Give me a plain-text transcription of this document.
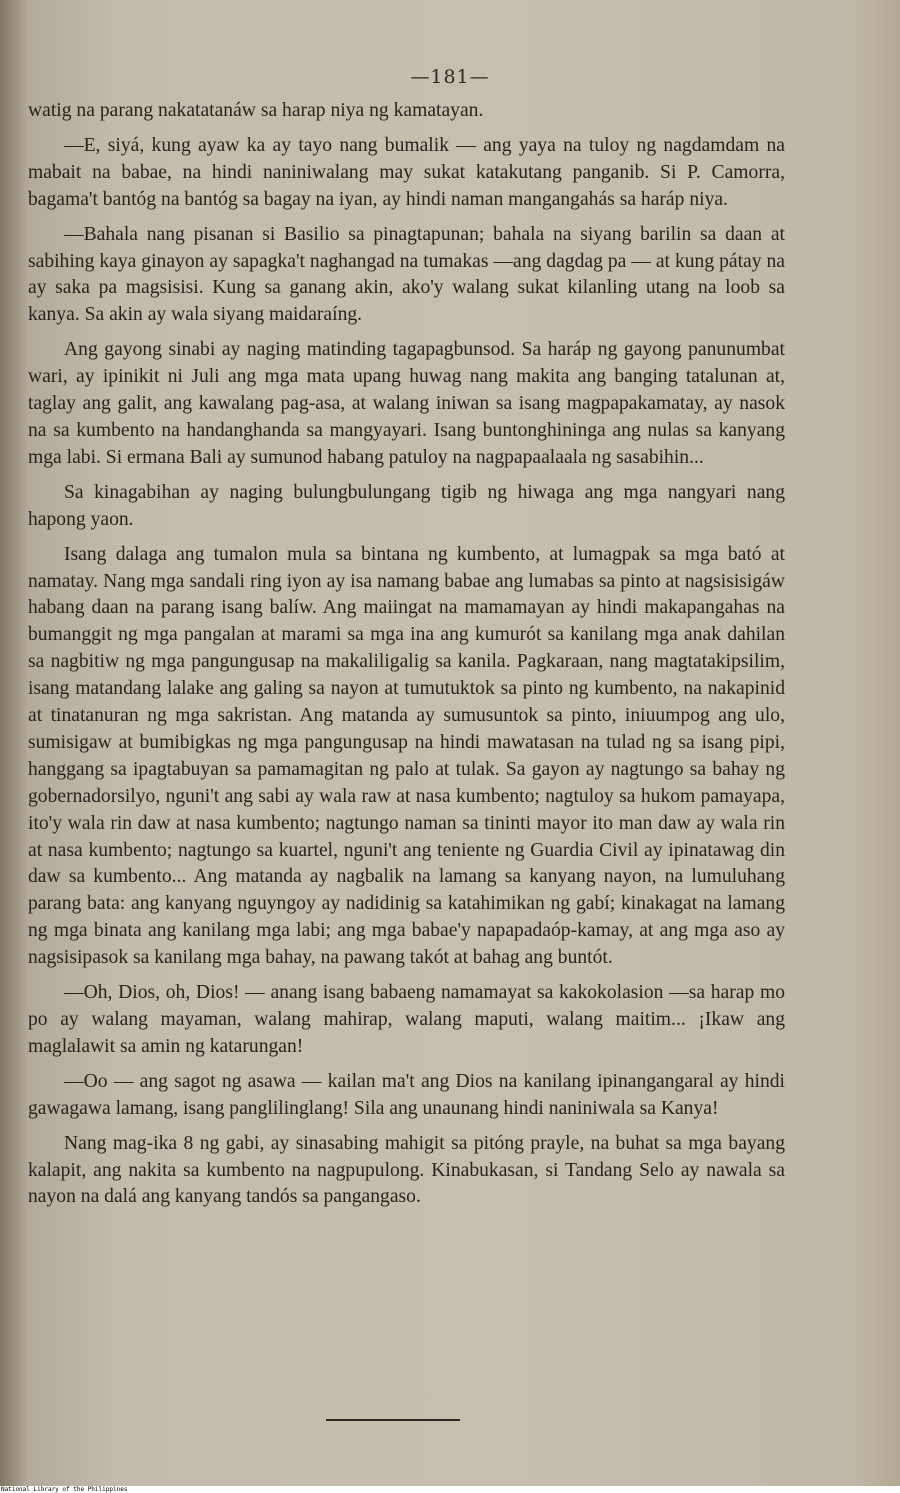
—181—

watig na parang nakatatanáw sa harap niya ng kamatayan.

—E, siyá, kung ayaw ka ay tayo nang bumalik — ang yaya na tuloy ng nagdamdam na mabait na babae, na hindi naniniwalang may sukat katakutang panganib. Si P. Camorra, bagama't bantóg na bantóg sa bagay na iyan, ay hindi naman mangangahás sa haráp niya.

—Bahala nang pisanan si Basilio sa pinagtapunan; bahala na siyang barilin sa daan at sabihing kaya ginayon ay sapagka't naghangad na tumakas —ang dagdag pa — at kung pátay na ay saka pa magsisisi. Kung sa ganang akin, ako'y walang sukat kilanling utang na loob sa kanya. Sa akin ay wala siyang maidaraíng.

Ang gayong sinabi ay naging matinding tagapagbunsod. Sa haráp ng gayong panunumbat wari, ay ipinikit ni Juli ang mga mata upang huwag nang makita ang banging tatalunan at, taglay ang galit, ang kawalang pag-asa, at walang iniwan sa isang magpapakamatay, ay nasok na sa kumbento na handanghanda sa mangyayari. Isang buntonghininga ang nulas sa kanyang mga labi. Si ermana Bali ay sumunod habang patuloy na nagpapaalaala ng sasabihin...

Sa kinagabihan ay naging bulungbulungang tigib ng hiwaga ang mga nangyari nang hapong yaon.

Isang dalaga ang tumalon mula sa bintana ng kumbento, at lumagpak sa mga bató at namatay. Nang mga sandali ring iyon ay isa namang babae ang lumabas sa pinto at nagsisisigáw habang daan na parang isang balíw. Ang maiingat na mamamayan ay hindi makapangahas na bumanggit ng mga pangalan at marami sa mga ina ang kumurót sa kanilang mga anak dahilan sa nagbitiw ng mga pangungusap na makaliligalig sa kanila. Pagkaraan, nang magtatakipsilim, isang matandang lalake ang galing sa nayon at tumutuktok sa pinto ng kumbento, na nakapinid at tinatanuran ng mga sakristan. Ang matanda ay sumusuntok sa pinto, iniuumpog ang ulo, sumisigaw at bumibigkas ng mga pangungusap na hindi mawatasan na tulad ng sa isang pipi, hanggang sa ipagtabuyan sa pamamagitan ng palo at tulak. Sa gayon ay nagtungo sa bahay ng gobernadorsilyo, nguni't ang sabi ay wala raw at nasa kumbento; nagtuloy sa hukom pamayapa, ito'y wala rin daw at nasa kumbento; nagtungo naman sa tininti mayor ito man daw ay wala rin at nasa kumbento; nagtungo sa kuartel, nguni't ang teniente ng Guardia Civil ay ipinatawag din daw sa kumbento... Ang matanda ay nagbalik na lamang sa kanyang nayon, na lumuluhang parang bata: ang kanyang nguyngoy ay nadidinig sa katahimikan ng gabí; kinakagat na lamang ng mga binata ang kanilang mga labi; ang mga babae'y napapadaóp-kamay, at ang mga aso ay nagsisipasok sa kanilang mga bahay, na pawang takót at bahag ang buntót.

—Oh, Dios, oh, Dios! — anang isang babaeng namamayat sa kakokolasion —sa harap mo po ay walang mayaman, walang mahirap, walang maputi, walang maitim... ¡Ikaw ang maglalawit sa amin ng katarungan!

—Oo — ang sagot ng asawa — kailan ma't ang Dios na kanilang ipinangangaral ay hindi gawagawa lamang, isang panglilinglang! Sila ang unaunang hindi naniniwala sa Kanya!

Nang mag-ika 8 ng gabi, ay sinasabing mahigit sa pitóng prayle, na buhat sa mga bayang kalapit, ang nakita sa kumbento na nagpupulong. Kinabukasan, si Tandang Selo ay nawala sa nayon na dalá ang kanyang tandós sa pangangaso.

National Library of the Philippines
